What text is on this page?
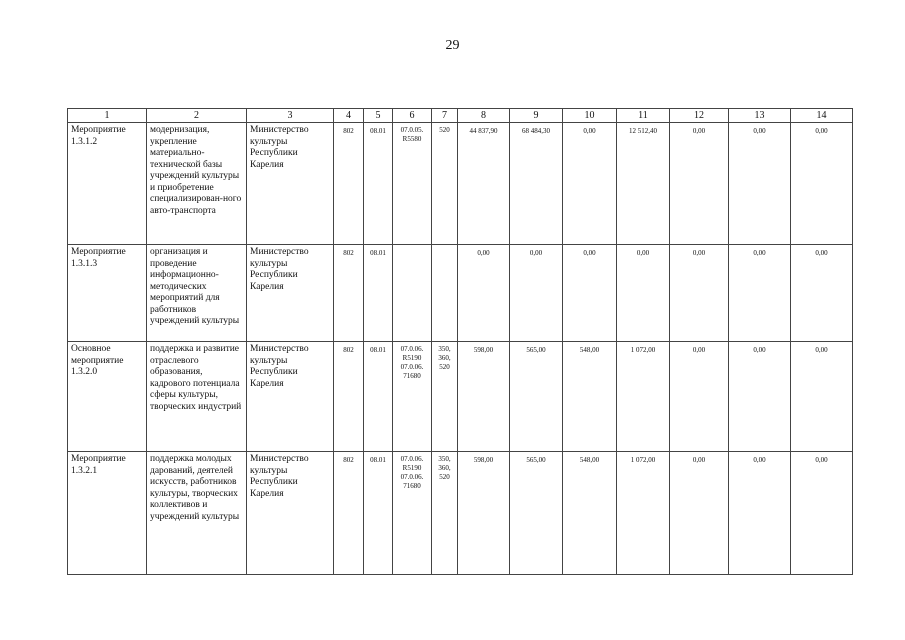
29
1	2	3	4	5	6	7	8	9	10	11	12	13	14
Мероприятие 1.3.1.2	модернизация, укрепление материально-технической базы учреждений культуры и приобретение специализирован-ного авто-транспорта	Министерство культуры Республики Карелия	802	08.01	07.0.05. R5580	520	44 837,90	68 484,30	0,00	12 512,40	0,00	0,00	0,00
Мероприятие 1.3.1.3	организация и проведение информационно-методических мероприятий для работников учреждений культуры	Министерство культуры Республики Карелия	802	08.01			0,00	0,00	0,00	0,00	0,00	0,00	0,00
Основное мероприятие 1.3.2.0	поддержка и развитие отраслевого образования, кадрового потенциала сферы культуры, творческих индустрий	Министерство культуры Республики Карелия	802	08.01	07.0.06. R5190 07.0.06. 71680	350, 360, 520	598,00	565,00	548,00	1 072,00	0,00	0,00	0,00
Мероприятие 1.3.2.1	поддержка молодых дарований, деятелей искусств, работников культуры, творческих коллективов и учреждений культуры	Министерство культуры Республики Карелия	802	08.01	07.0.06. R5190 07.0.06. 71680	350, 360, 520	598,00	565,00	548,00	1 072,00	0,00	0,00	0,00
